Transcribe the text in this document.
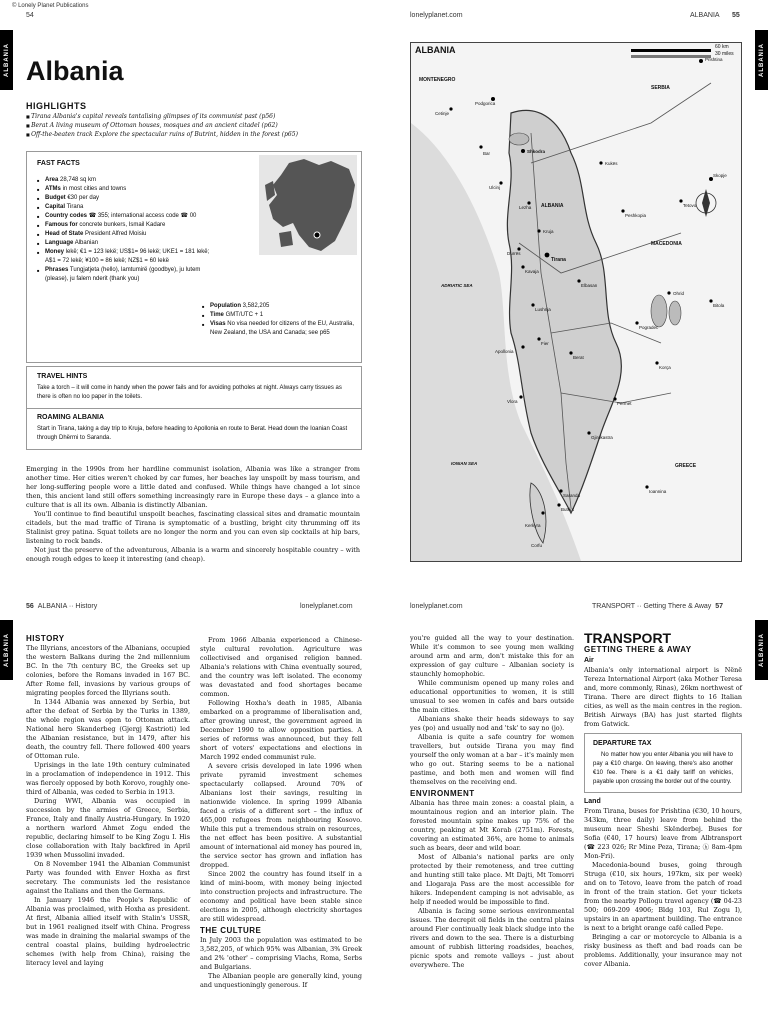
© Lonely Planet Publications
54
ALBANIA Albania
HIGHLIGHTS
■ Tirana Albania's capital reveals tantalising glimpses of its communist past (p56)
■ Berat A living museum of Ottoman houses, mosques and an ancient citadel (p62)
■ Off-the-beaten track Explore the spectacular ruins of Butrint, hidden in the forest (p65)
FAST FACTS

■ Area 28,748 sq km

■ ATMs in most cities and towns

■ Budget €30 per day

■ Capital Tirana

■ Country codes ☎ 355; international access code ☎ 00

■ Famous for concrete bunkers, Ismail Kadare

■ Head of State President Alfred Moisiu

■ Language Albanian

■ Money lekë; €1 = 123 lekë; US$1= 96 lekë; UKE1 = 181 lekë; A$1 = 72 lekë; ¥100 = 86 lekë; NZ$1 = 60 lekë

■ Phrases Tungjatjeta (hello), lamtumirë (goodbye), ju lutem (please), ju falem nderit (thank you)

■ Population 3,582,205

■ Time GMT/UTC + 1

■ Visas No visa needed for citizens of the EU, Australia, New Zealand, the USA and Canada; see p65

TRAVEL HINTS

Take a torch – it will come in handy when the power fails and for avoiding potholes at night. Always carry tissues as there is often no loo paper in the toilets.

ROAMING ALBANIA

Start in Tirana, taking a day trip to Kruja, before heading to Apollonia en route to Berat. Head down the Ioanian Coast through Dhërmi to Saranda.

Emerging in the 1990s from her hardline communist isolation, Albania was like a stranger from another time. Her cities weren't choked by car fumes, her beaches lay unspoilt by mass tourism, and her long-suffering people wore a little dated and confused. While things have changed a lot since then, this ancient land still offers something increasingly rare in Europe these days – a glance into a culture that is all its own. Albania is distinctly Albanian.

You'll continue to find beautiful unspoilt beaches, fascinating classical sites and dramatic mountain citadels, but the mad traffic of Tirana is symptomatic of a bustling, bright city thrumming off its Stalinist grey patina. Squat toilets are no longer the norm and you can even sip cocktails at hip bars, listening to rock bands.

Not just the preserve of the adventurous, Albania is a warm and sincerely hospitable country – with enough rough edges to keep it interesting (and cheap).

lonelyplanet.com	ALBANIA 55
ALBANIA
ALBANIA	60 km
30 miles
MONTENEGRO
SERBIA
MACEDONIA
GREECE
ALBANIA
ADRIATIC SEA
IONIAN SEA
Prishtina
Podgorica
Cetinje
Shkodra
Bar
Ulcinj
Kukës
Lezha	Tetovo
Skopje
Kruja
Tirana
Durrës
Elbasan
Ohrid
Bitola
Kavaja
Fier
Apollonia
Berat
Korça
Vlora
Gjirokastra
Saranda
Butrint
Kerkyra
Ioannina
Corfu
Përmet
Peshkopia
Lushnja
Pogradec
56 ALBANIA ·· History	lonelyplanet.com
ALBANIA HISTORY

The Illyrians, ancestors of the Albanians, occupied the western Balkans during the 2nd millennium BC. In the 7th century BC, the Greeks set up colonies, before the Romans invaded in 167 BC. After Rome fell, invasions by various groups of migrating peoples forced the Illyrians south.

In 1344 Albania was annexed by Serbia, but after the defeat of Serbia by the Turks in 1389, the whole region was open to Ottoman attack. National hero Skanderbeg (Gjergj Kastrioti) led the Albanian resistance, but in 1479, after his death, the country fell. There followed 400 years of Ottoman rule.

Uprisings in the late 19th century culminated in a proclamation of independence in 1912. This was fiercely opposed by both Korovo, roughly one-third of Albania, was ceded to Serbia in 1913.

During WWI, Albania was occupied in succession by the armies of Greece, Serbia, France, Italy and finally Austria-Hungary. In 1920 a northern warlord Ahmet Zogu ended the republic, declaring himself to be King Zogu I. His close collaboration with Italy backfired in April 1939 when Mussolini invaded.

On 8 November 1941 the Albanian Communist Party was founded with Enver Hoxha as first secretary. The communists led the resistance against the Italians and then the Germans.

In January 1946 the People's Republic of Albania was proclaimed, with Hoxha as president. At first, Albania allied itself with Stalin's USSR, but in 1961 realigned itself with China. Progress was made in draining the malarial swamps of the central coastal plains, building hydroelectric schemes (with help from China), raising the literacy level and laying

From 1966 Albania experienced a Chinese-style cultural revolution. Agriculture was collectivised and organised religion banned. Albania's relations with China eventually soured, and the country was left isolated. The economy was devastated and food shortages became common.

Following Hoxha's death in 1985, Albania embarked on a programme of liberalisation and, after growing unrest, the government agreed in December 1990 to allow opposition parties. A series of reforms was announced, but they fell short of voters' expectations and elections in March 1992 ended communist rule.

A severe crisis developed in late 1996 when private pyramid investment schemes spectacularly collapsed. Around 70% of Albanians lost their savings, resulting in nationwide violence. In spring 1999 Albania faced a crisis of a different sort – the influx of 465,000 refugees from neighbouring Kosovo. While this put a tremendous strain on resources, the net effect has been positive. A substantial amount of international aid money has poured in, the service sector has grown and inflation has dropped.

Since 2002 the country has found itself in a kind of mini-boom, with money being injected into construction projects and infrastructure. The economy and political have been stable since elections in 2005, although electricity shortages are still widespread.

THE CULTURE

In July 2003 the population was estimated to be 3,582,205, of which 95% was Albanian, 3% Greek and 2% 'other' – comprising Vlachs, Roma, Serbs and Bulgarians.

The Albanian people are generally kind, young and unquestioningly generous. If

lonelyplanet.com	TRANSPORT ·· Getting There & Away 57
ALBANIA

you're guided all the way to your destination. While it's common to see young men walking around arm and arm, don't mistake this for an expression of gay culture – Albanian society is staunchly homophobic.

While communism opened up many roles and educational opportunities to women, it is still unusual to see women in cafés and bars outside the main cities.

Albanians shake their heads sideways to say yes (po) and usually nod and 'tsk' to say no (jo).

Albania is quite a safe country for women travellers, but outside Tirana you may find yourself the only woman at a bar – it's mainly men who go out. Staring seems to be a national pastime, and both men and women will find themselves on the receiving end.

ENVIRONMENT

Albania has three main zones: a coastal plain, a mountainous region and an interior plain. The forested mountain spine makes up 75% of the country, peaking at Mt Korab (2751m). Forests, covering an estimated 36%, are home to animals such as bears, deer and wild boar.

Most of Albania's national parks are only protected by their remoteness, and tree cutting and hunting still take place. Mt Dajti, Mt Tomorri and Llogaraja Pass are the most accessible for hikers. Independent camping is not advisable, as help if needed would be impossible to find.

Albania is facing some serious environmental issues. The decrepit oil fields in the central plains around Fier continually leak black sludge into the rivers and down to the sea. There is a disturbing amount of rubbish littering roadsides, beaches, picnic spots and remote valleys – just about everywhere. The

TRANSPORT
GETTING THERE & AWAY
Air

Albania's only international airport is Nënë Tereza International Airport (aka Mother Teresa and, more commonly, Rinas), 26km northwest of Tirana. There are direct flights to 16 Italian cities, as well as the main centres in the region. British Airways (BA) has just started flights from Gatwick.

DEPARTURE TAX

No matter how you enter Albania you will have to pay a €10 charge. On leaving, there's also another €10 fee. There is a €1 daily tariff on vehicles, payable upon crossing the border out of the country.

Land

From Tirana, buses for Prishtina (€30, 10 hours, 343km, three daily) leave from behind the museum near Sheshi Skënderbej. Buses for Sofia (€40, 17 hours) leave from Albtransport (☎ 223 026; Rr Mine Peza, Tirana; ⓗ 8am-4pm Mon-Fri).

Macedonia-bound buses, going through Struga (€10, six hours, 197km, six per week) and on to Tetovo, leave from the patch of road in front of the train station. Get your tickets from the nearby Pollogu travel agency (☎ 04-23 500; 069-209 4906; Bldg 103, Rul Zogu I), upstairs in an apartment building. The entrance is next to a bright orange café called Pepe.

Bringing a car or motorcycle to Albania is a risky business as theft and bad roads can be problems. Additionally, your insurance may not cover Albania.
